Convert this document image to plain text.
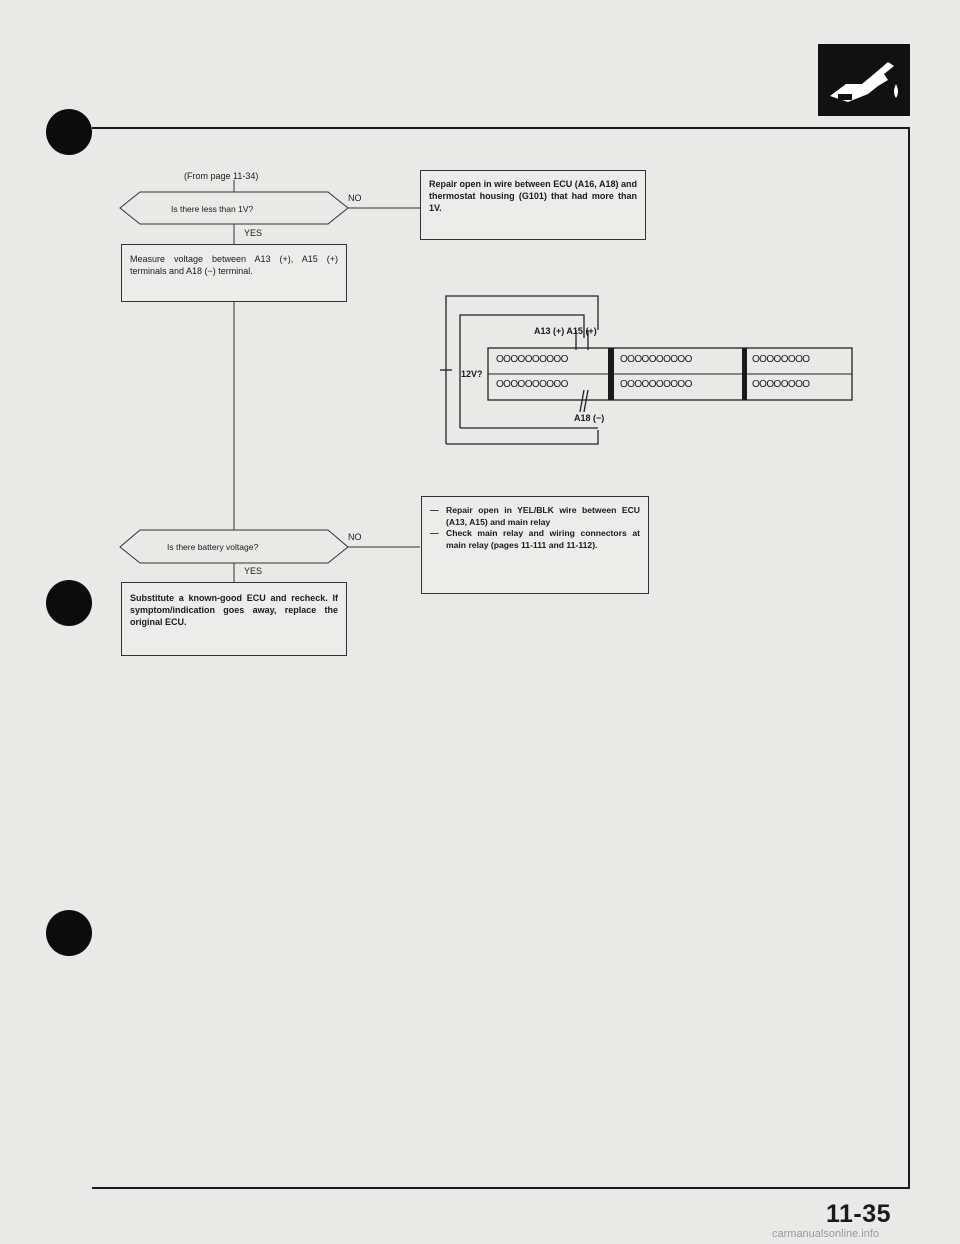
(From page 11-34)
Is there less than 1V?
NO
YES
Repair open in wire between ECU (A16, A18) and thermostat housing (G101) that had more than 1V.
Measure voltage between A13 (+), A15 (+) terminals and A18 (−) terminal.
A13 (+) A15 (+)
12V?
A18 (−)
OOOOOOOOOO	OOOOOOOOOO	OOOOOOOO
OOOOOOOOOO	OOOOOOOOOO	OOOOOOOO
Is there battery voltage?
NO
YES
— Repair open in YEL/BLK wire between ECU (A13, A15) and main relay
— Check main relay and wiring connectors at main relay (pages 11-111 and 11-112).
Substitute a known-good ECU and recheck. If symptom/indication goes away, replace the original ECU.
11-35
carmanualsonline.info
